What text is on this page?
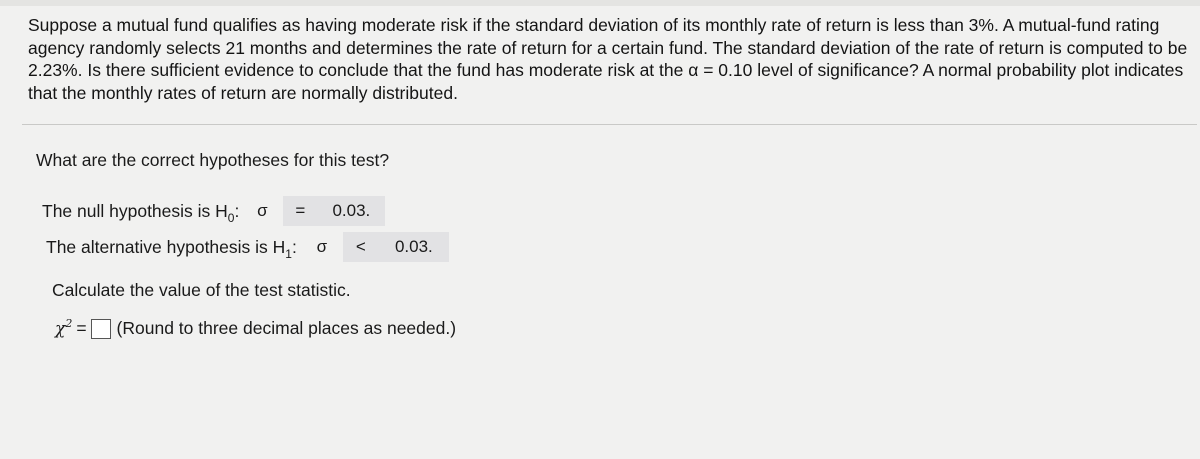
Suppose a mutual fund qualifies as having moderate risk if the standard deviation of its monthly rate of return is less than 3%. A mutual-fund rating agency randomly selects 21 months and determines the rate of return for a certain fund. The standard deviation of the rate of return is computed to be 2.23%. Is there sufficient evidence to conclude that the fund has moderate risk at the α = 0.10 level of significance? A normal probability plot indicates that the monthly rates of return are normally distributed.
What are the correct hypotheses for this test?
The null hypothesis is $H_0$:	σ	=	0.03.
The alternative hypothesis is $H_1$:	σ	<	0.03.
Calculate the value of the test statistic.
$\chi^2$ = (Round to three decimal places as needed.)
